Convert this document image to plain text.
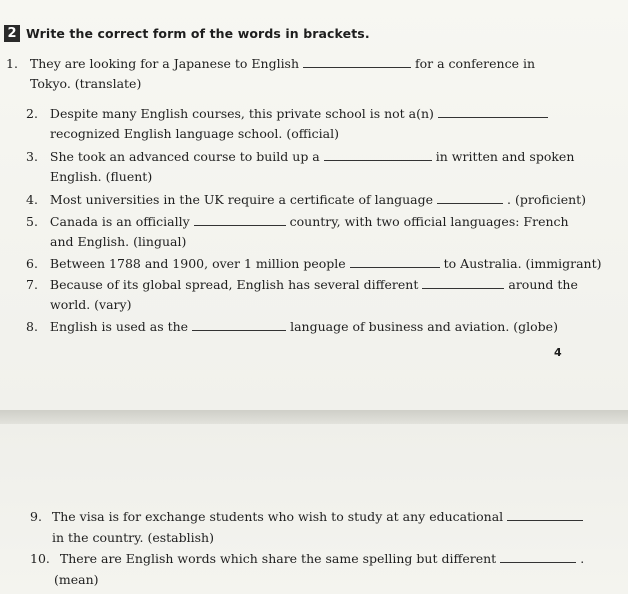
2 Write the correct form of the words in brackets.
1. They are looking for a Japanese to English	for a conference in
Tokyo. (translate)
2. Despite many English courses, this private school is not a(n)
recognized English language school. (official)
3. She took an advanced course to build up a	in written and spoken
English. (fluent)
4. Most universities in the UK require a certificate of language	. (proficient)
5. Canada is an officially	country, with two official languages: French
and English. (lingual)
6. Between 1788 and 1900, over 1 million people	to Australia. (immigrant)
7. Because of its global spread, English has several different	around the
world. (vary)
8. English is used as the	language of business and aviation. (globe)
4
9. The visa is for exchange students who wish to study at any educational
in the country. (establish)
10. There are English words which share the same spelling but different	.
(mean)
